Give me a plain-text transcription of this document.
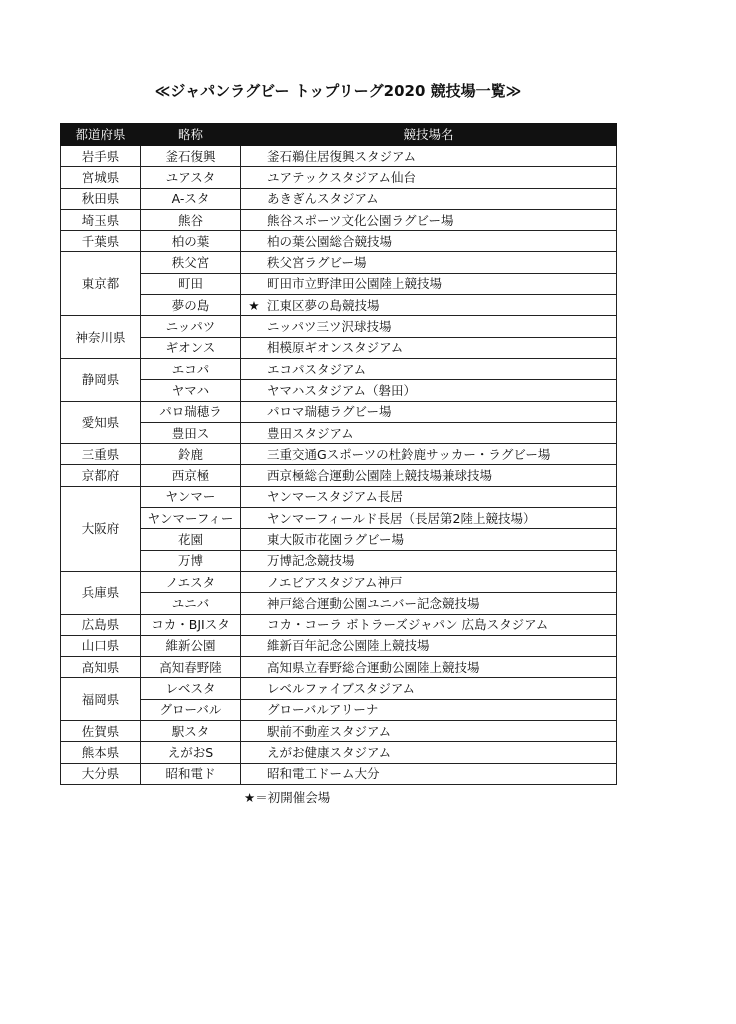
≪ジャパンラグビー トップリーグ2020 競技場一覧≫
都道府県	略称	競技場名
岩手県	釜石復興	釜石鵜住居復興スタジアム
宮城県	ユアスタ	ユアテックスタジアム仙台
秋田県	A-スタ	あきぎんスタジアム
埼玉県	熊谷	熊谷スポーツ文化公園ラグビー場
千葉県	柏の葉	柏の葉公園総合競技場
東京都	秩父宮	秩父宮ラグビー場
	町田	町田市立野津田公園陸上競技場
	夢の島	★ 江東区夢の島競技場
神奈川県	ニッパツ	ニッパツ三ツ沢球技場
	ギオンス	相模原ギオンスタジアム
静岡県	エコパ	エコパスタジアム
	ヤマハ	ヤマハスタジアム（磐田）
愛知県	パロ瑞穂ラ	パロマ瑞穂ラグビー場
	豊田ス	豊田スタジアム
三重県	鈴鹿	三重交通Gスポーツの杜鈴鹿サッカー・ラグビー場
京都府	西京極	西京極総合運動公園陸上競技場兼球技場
大阪府	ヤンマー	ヤンマースタジアム長居
	ヤンマーフィー	ヤンマーフィールド長居（長居第2陸上競技場）
	花園	東大阪市花園ラグビー場
	万博	万博記念競技場
兵庫県	ノエスタ	ノエビアスタジアム神戸
	ユニバ	神戸総合運動公園ユニバー記念競技場
広島県	コカ・BJIスタ	コカ・コーラ ボトラーズジャパン 広島スタジアム
山口県	維新公園	維新百年記念公園陸上競技場
高知県	高知春野陸	高知県立春野総合運動公園陸上競技場
福岡県	レベスタ	レベルファイブスタジアム
	グローバル	グローバルアリーナ
佐賀県	駅スタ	駅前不動産スタジアム
熊本県	えがおS	えがお健康スタジアム
大分県	昭和電ド	昭和電工ドーム大分
★＝初開催会場
